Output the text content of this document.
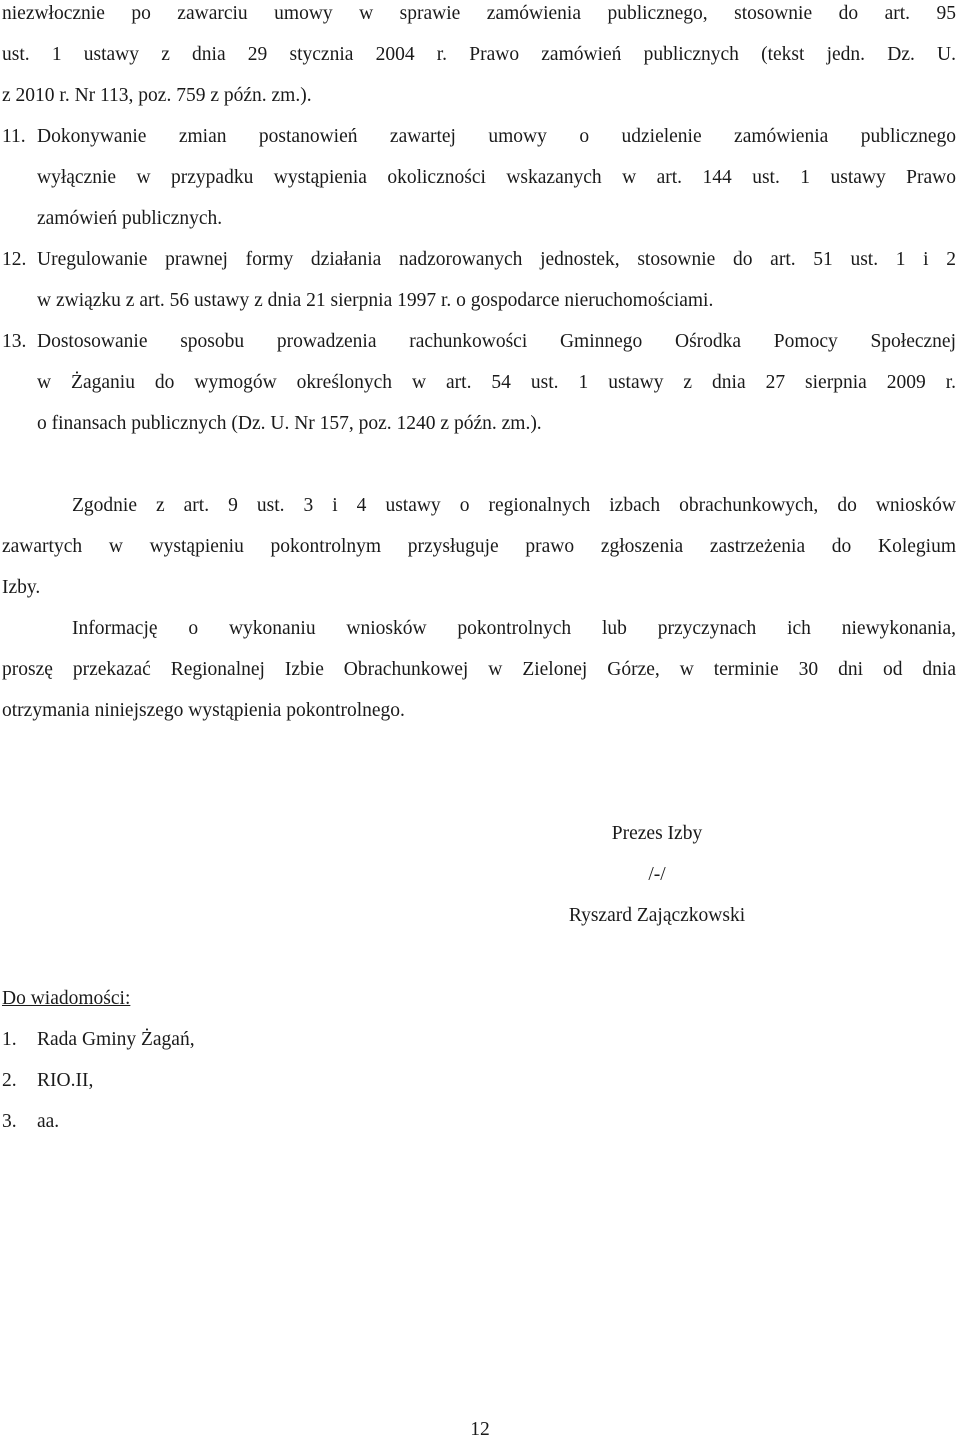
niezwłocznie po zawarciu umowy w sprawie zamówienia publicznego, stosownie do art. 95
ust. 1 ustawy z dnia 29 stycznia 2004 r. Prawo zamówień publicznych (tekst jedn. Dz. U.
z 2010 r. Nr 113, poz. 759 z późn. zm.).
11. Dokonywanie zmian postanowień zawartej umowy o udzielenie zamówienia publicznego
wyłącznie w przypadku wystąpienia okoliczności wskazanych w art. 144 ust. 1 ustawy Prawo
zamówień publicznych.
12. Uregulowanie prawnej formy działania nadzorowanych jednostek, stosownie do art. 51 ust. 1 i 2
w związku z art. 56 ustawy z dnia 21 sierpnia 1997 r. o gospodarce nieruchomościami.
13. Dostosowanie sposobu prowadzenia rachunkowości Gminnego Ośrodka Pomocy Społecznej
w Żaganiu do wymogów określonych w art. 54 ust. 1 ustawy z dnia 27 sierpnia 2009 r.
o finansach publicznych (Dz. U. Nr 157, poz. 1240 z późn. zm.).
Zgodnie z art. 9 ust. 3 i 4 ustawy o regionalnych izbach obrachunkowych, do wniosków
zawartych w wystąpieniu pokontrolnym przysługuje prawo zgłoszenia zastrzeżenia do Kolegium
Izby.
Informację o wykonaniu wniosków pokontrolnych lub przyczynach ich niewykonania,
proszę przekazać Regionalnej Izbie Obrachunkowej w Zielonej Górze, w terminie 30 dni od dnia
otrzymania niniejszego wystąpienia pokontrolnego.
Prezes Izby
/-/
Ryszard Zajączkowski
Do wiadomości:
1. Rada Gminy Żagań,
2. RIO.II,
3. aa.
12
